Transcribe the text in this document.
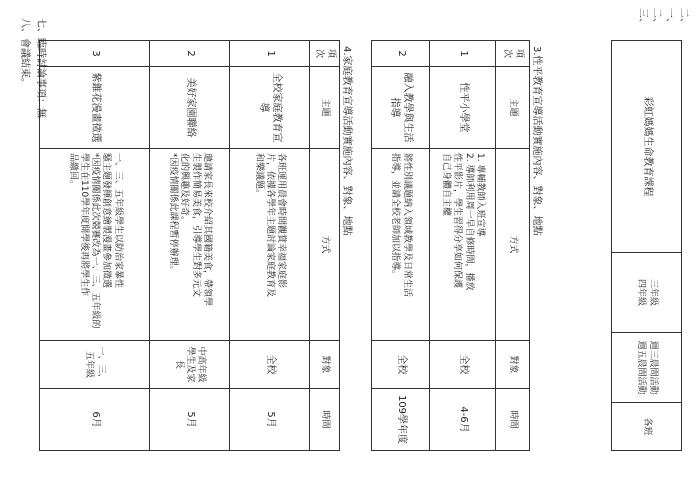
二、
一、
二、
三、
彩虹媽媽生命教育課程	三年級
四年級	週三晨間活動
週五晨間活動	各班
3.性平教育宣導活動實施內容、對象、地點
項次	主題	方式	對象	時間
1	性平小學堂	1. 專輔教師入班宣導
2. 導師利用周一早自修時間，播放
性平影片，學生習得分享如何保護
自己身體自主權	全校	4-6月
2	融入教學與生活指導	將性別議題納入領域教學及日常生活
指導，並請全校老師加以指導。	全校	109學年度
4.家庭教育宣導活動實施內容、對象、地點
項次	主題	方式	對象	時間
1	全校家庭教育宣導	各班運用晨會時間觀賞幸福家庭影
片，依據各學年主題討論家庭教育及
和樂議題。	全校	5月
2	美好家園聯絡	邀請家長來校介紹其國籍美食，帶領學
生製作簡易美食，引導學生對多元文
化的興趣及好奇。
*因疫情關係此課程暫停辦理。	中高年級學生及家長	5月
3	紫錐花漫畫徵選	一、三、五年級學生以防治家暴性
騷主題發揮創意繪製漫畫參加徵選
*因疫情關係此次競賽改為一、三、五年級的
學生在110學年度開學後再將學生作
品繳回。	一、三、五年級	6月
七、臨時討論事項：無
八、會議結束。
